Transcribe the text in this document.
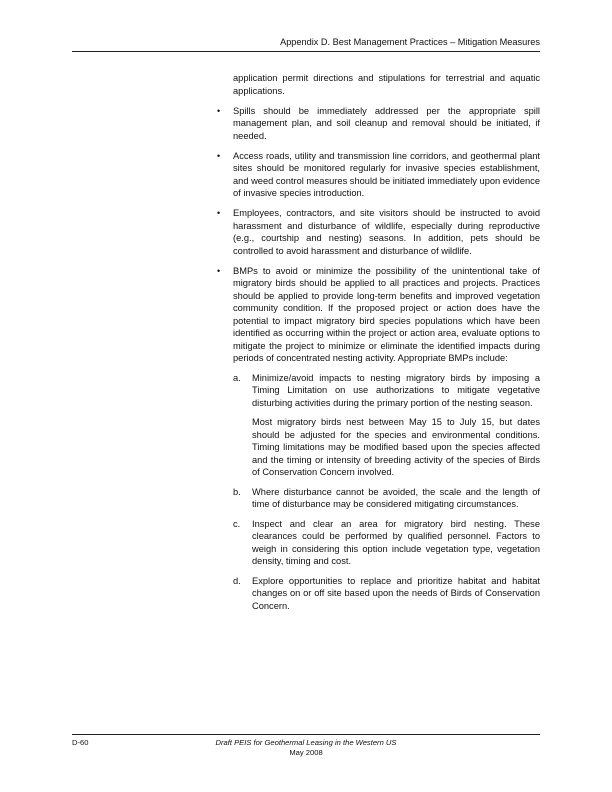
Appendix D. Best Management Practices – Mitigation Measures

application permit directions and stipulations for terrestrial and aquatic applications.

•	Spills should be immediately addressed per the appropriate spill management plan, and soil cleanup and removal should be initiated, if needed.
•	Access roads, utility and transmission line corridors, and geothermal plant sites should be monitored regularly for invasive species establishment, and weed control measures should be initiated immediately upon evidence of invasive species introduction.
•	Employees, contractors, and site visitors should be instructed to avoid harassment and disturbance of wildlife, especially during reproductive (e.g., courtship and nesting) seasons. In addition, pets should be controlled to avoid harassment and disturbance of wildlife.
•	BMPs to avoid or minimize the possibility of the unintentional take of migratory birds should be applied to all practices and projects. Practices should be applied to provide long-term benefits and improved vegetation community condition. If the proposed project or action does have the potential to impact migratory bird species populations which have been identified as occurring within the project or action area, evaluate options to mitigate the project to minimize or eliminate the identified impacts during periods of concentrated nesting activity. Appropriate BMPs include:
a.	Minimize/avoid impacts to nesting migratory birds by imposing a Timing Limitation on use authorizations to mitigate vegetative disturbing activities during the primary portion of the nesting season.
Most migratory birds nest between May 15 to July 15, but dates should be adjusted for the species and environmental conditions. Timing limitations may be modified based upon the species affected and the timing or intensity of breeding activity of the species of Birds of Conservation Concern involved.
b.	Where disturbance cannot be avoided, the scale and the length of time of disturbance may be considered mitigating circumstances.
c.	Inspect and clear an area for migratory bird nesting. These clearances could be performed by qualified personnel. Factors to weigh in considering this option include vegetation type, vegetation density, timing and cost.
d.	Explore opportunities to replace and prioritize habitat and habitat changes on or off site based upon the needs of Birds of Conservation Concern.
D-60	Draft PEIS for Geothermal Leasing in the Western US
May 2008
